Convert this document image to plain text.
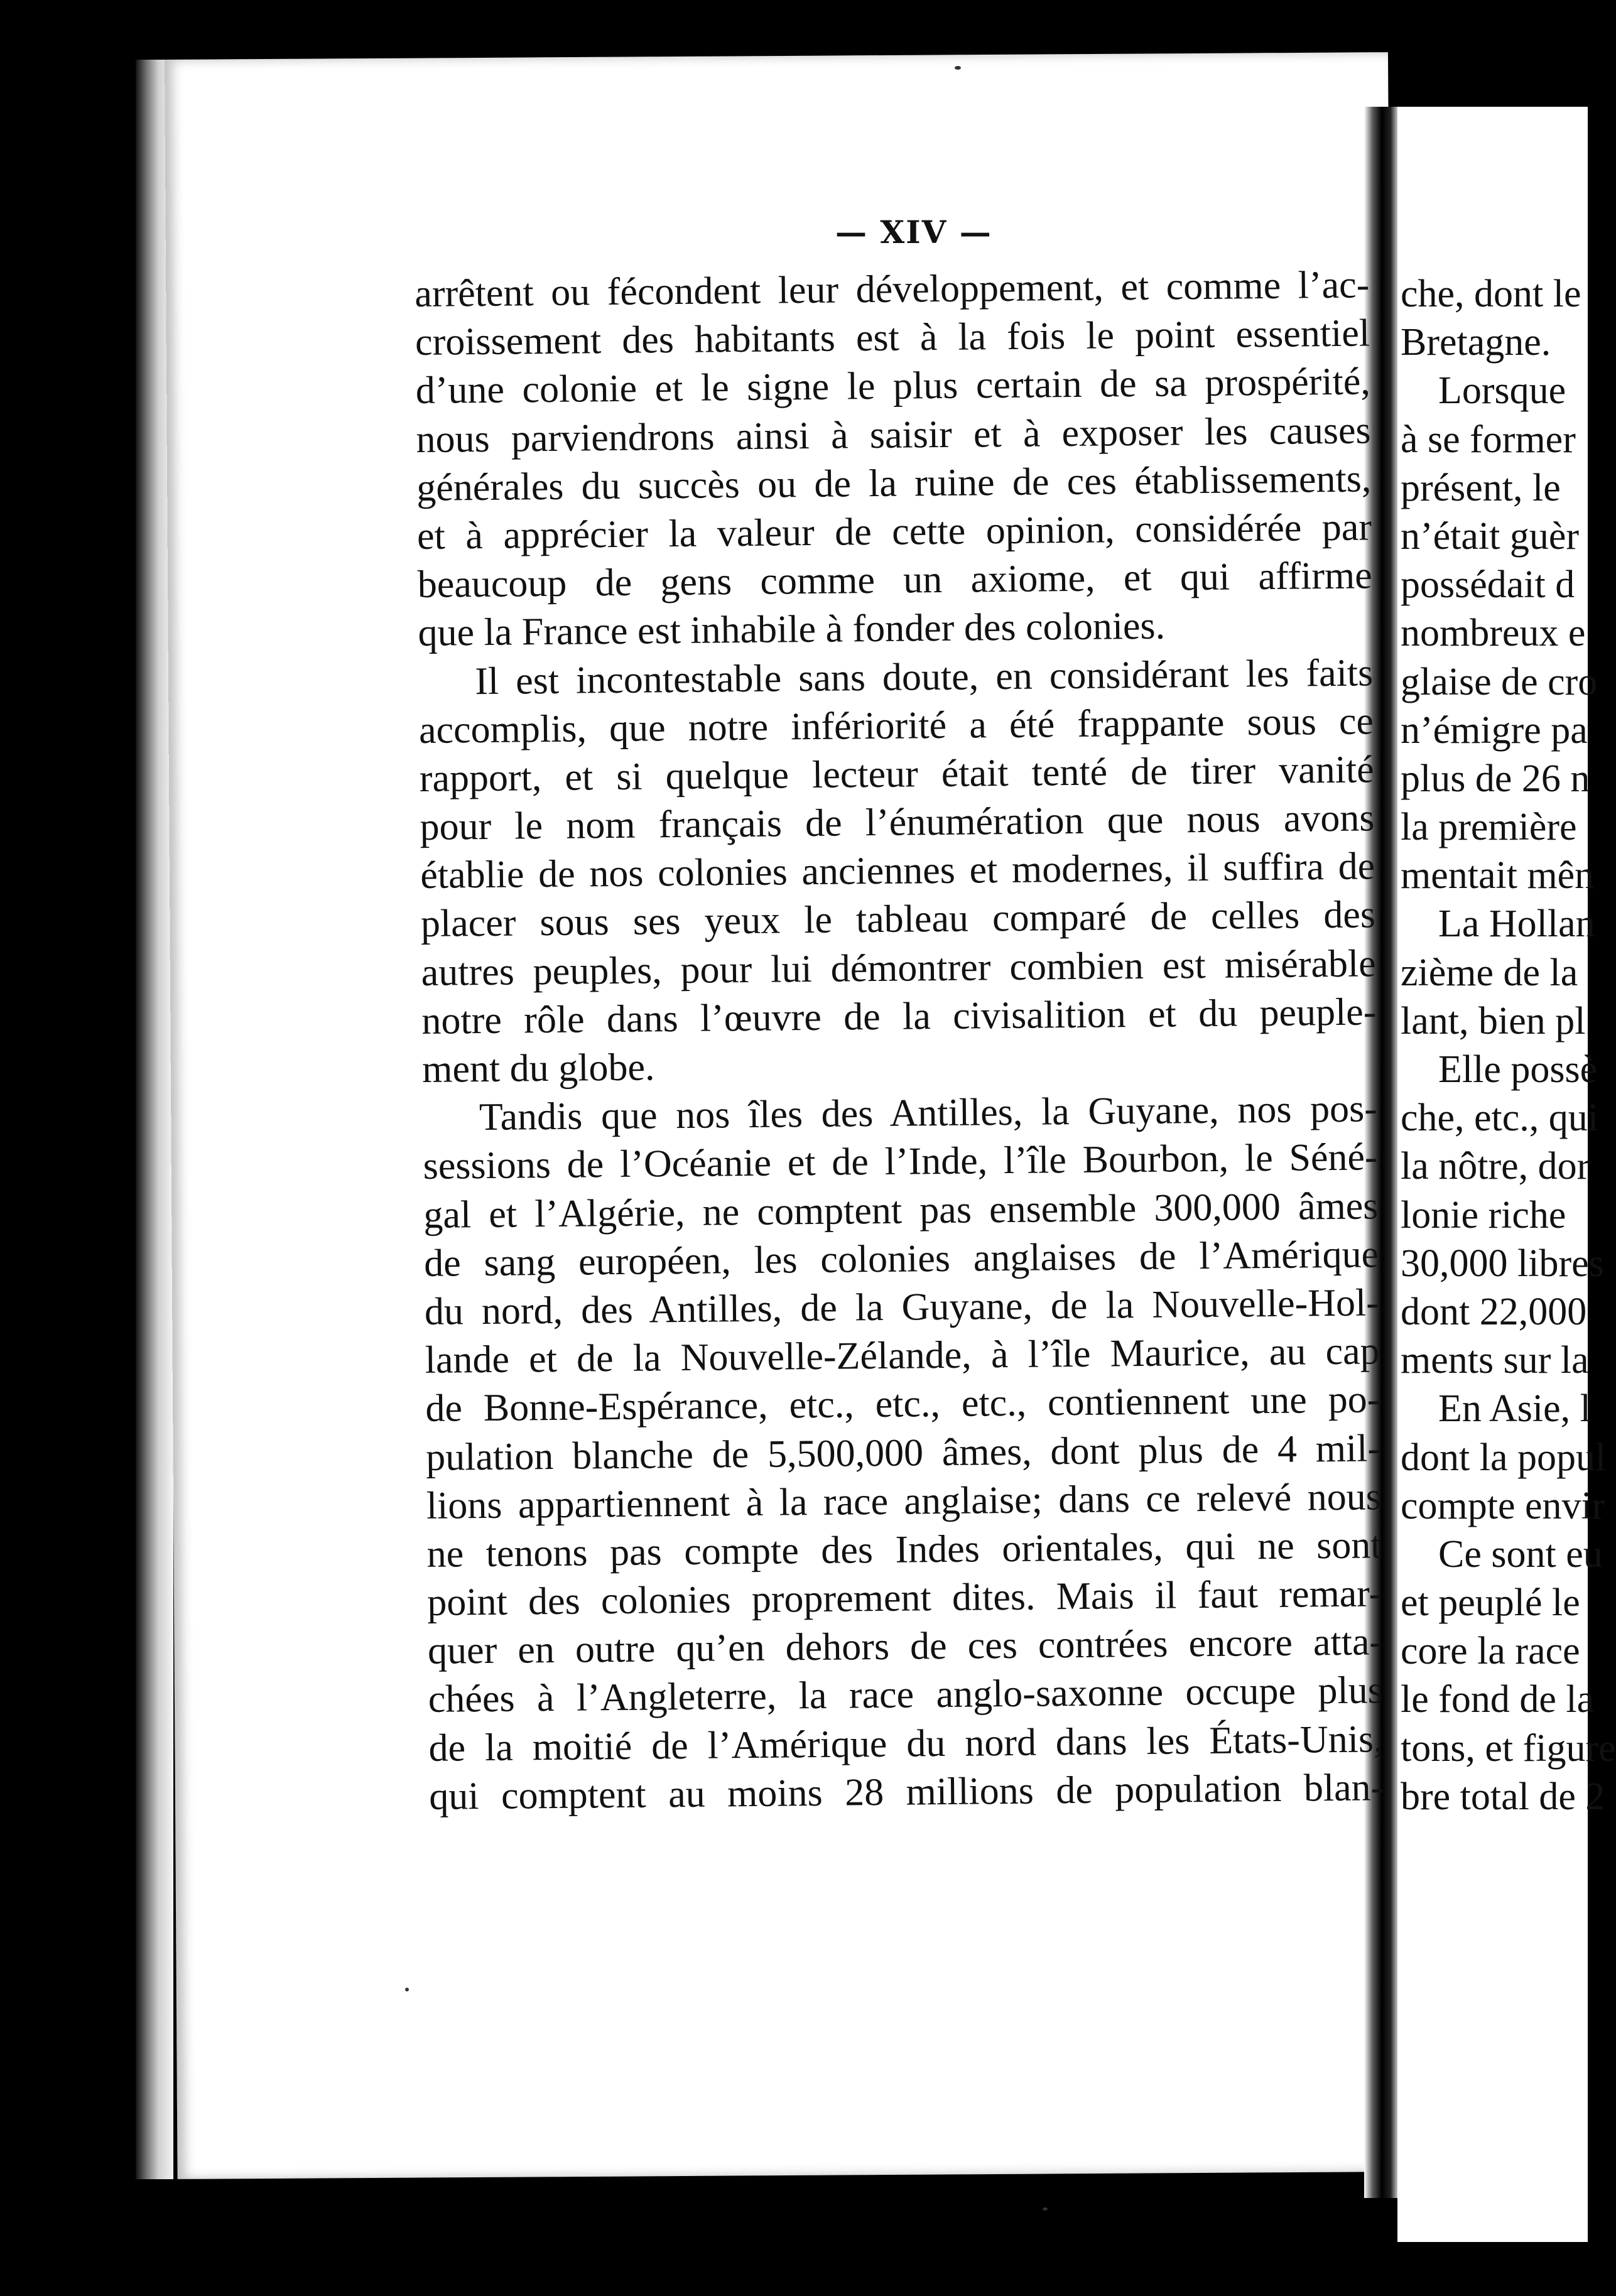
— XIV —
arrêtent ou fécondent leur développement, et comme l’ac-
croissement des habitants est à la fois le point essentiel
d’une colonie et le signe le plus certain de sa prospérité,
nous parviendrons ainsi à saisir et à exposer les causes
générales du succès ou de la ruine de ces établissements,
et à apprécier la valeur de cette opinion, considérée par
beaucoup de gens comme un axiome, et qui affirme
que la France est inhabile à fonder des colonies.
Il est incontestable sans doute, en considérant les faits
accomplis, que notre infériorité a été frappante sous ce
rapport, et si quelque lecteur était tenté de tirer vanité
pour le nom français de l’énumération que nous avons
établie de nos colonies anciennes et modernes, il suffira de
placer sous ses yeux le tableau comparé de celles des
autres peuples, pour lui démontrer combien est misérable
notre rôle dans l’œuvre de la civisalition et du peuple-
ment du globe.
Tandis que nos îles des Antilles, la Guyane, nos pos-
sessions de l’Océanie et de l’Inde, l’île Bourbon, le Séné-
gal et l’Algérie, ne comptent pas ensemble 300,000 âmes
de sang européen, les colonies anglaises de l’Amérique
du nord, des Antilles, de la Guyane, de la Nouvelle-Hol-
lande et de la Nouvelle-Zélande, à l’île Maurice, au cap
de Bonne-Espérance, etc., etc., etc., contiennent une po-
pulation blanche de 5,500,000 âmes, dont plus de 4 mil-
lions appartiennent à la race anglaise; dans ce relevé nous
ne tenons pas compte des Indes orientales, qui ne sont
point des colonies proprement dites. Mais il faut remar-
quer en outre qu’en dehors de ces contrées encore atta-
chées à l’Angleterre, la race anglo-saxonne occupe plus
de la moitié de l’Amérique du nord dans les États-Unis,
qui comptent au moins 28 millions de population blan-
che, dont le
Bretagne.
Lorsque
à se former
présent, le
n’était guèr
possédait d
nombreux e
glaise de cro
n’émigre pa
plus de 26 n
la première
mentait mên
La Hollan
zième de la
lant, bien pl
Elle possè
che, etc., qui
la nôtre, dor
lonie riche
30,000 libres
dont 22,000
ments sur la
En Asie, l
dont la popul
compte envir
Ce sont eu
et peuplé le
core la race
le fond de la
tons, et figure
bre total de 2
